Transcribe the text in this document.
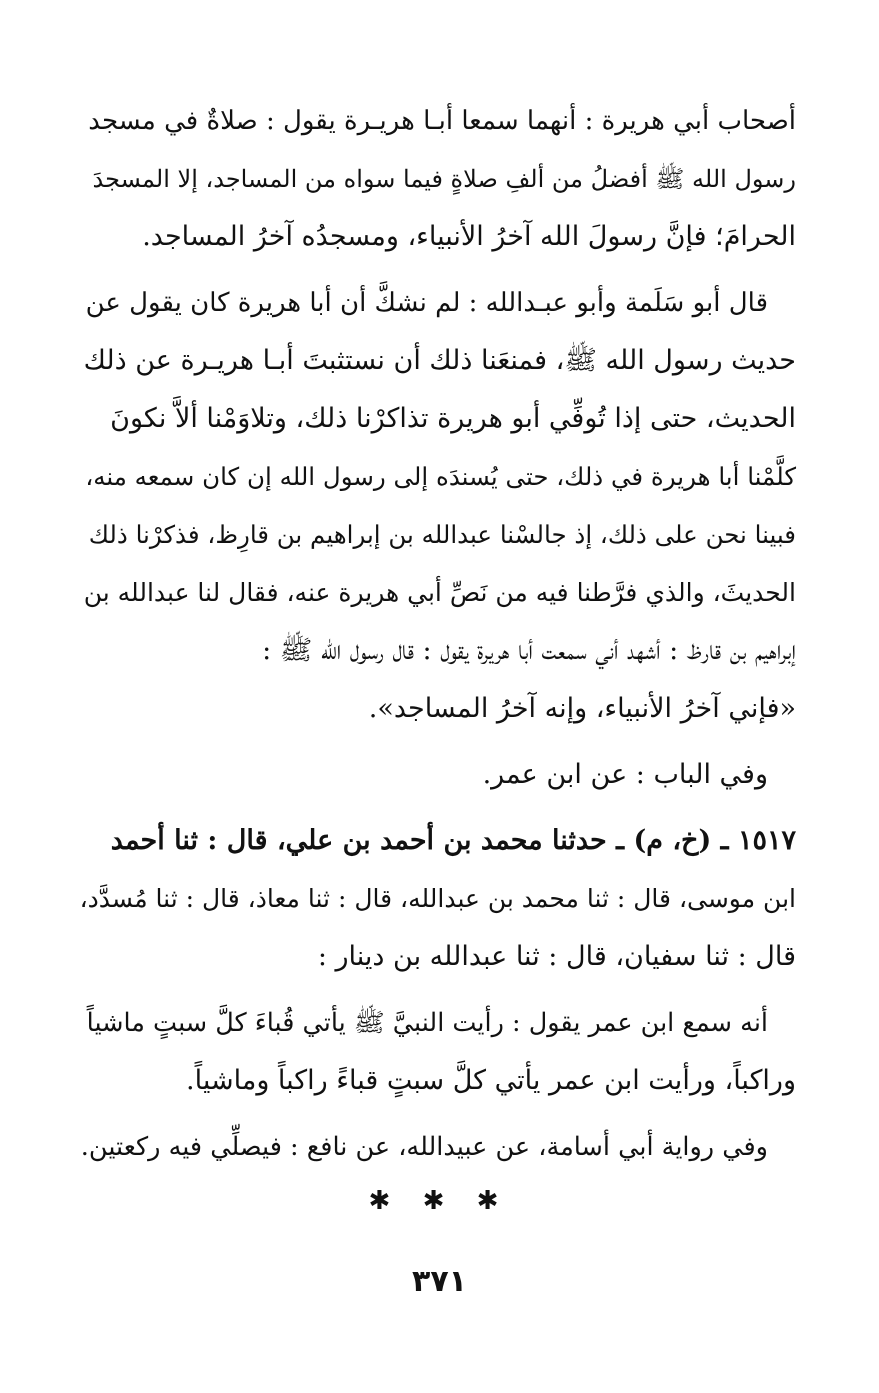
أصحاب أبي هريرة : أنهما سمعا أبـا هريـرة يقول : صلاةٌ في مسجد
رسول الله ﷺ أفضلُ من ألفِ صلاةٍ فيما سواه من المساجد، إلا المسجدَ
الحرامَ؛ فإنَّ رسولَ الله آخرُ الأنبياء، ومسجدُه آخرُ المساجد.
قال أبو سَلَمة وأبو عبـدالله : لم نشكَّ أن أبا هريرة كان يقول عن
حديث رسول الله ﷺ، فمنعَنا ذلك أن نستثبتَ أبـا هريـرة عن ذلك
الحديث، حتى إذا تُوفِّي أبو هريرة تذاكرْنا ذلك، وتلاوَمْنا ألاَّ نكونَ
كلَّمْنا أبا هريرة في ذلك، حتى يُسندَه إلى رسول الله إن كان سمعه منه،
فبينا نحن على ذلك، إذ جالسْنا عبدالله بن إبراهيم بن قارِظ، فذكرْنا ذلك
الحديثَ، والذي فرَّطنا فيه من نَصِّ أبي هريرة عنه، فقال لنا عبدالله بن
إبراهيم بن قارظ : أشهد أني سمعت أبا هريرة يقول : قال رسول الله ﷺ :
«فإني آخرُ الأنبياء، وإنه آخرُ المساجد».
وفي الباب : عن ابن عمر.
١٥١٧ ـ (خ، م) ـ حدثنا محمد بن أحمد بن علي، قال : ثنا أحمد
ابن موسى، قال : ثنا محمد بن عبدالله، قال : ثنا معاذ، قال : ثنا مُسدَّد،
قال : ثنا سفيان، قال : ثنا عبدالله بن دينار :
أنه سمع ابن عمر يقول : رأيت النبيَّ ﷺ يأتي قُباءَ كلَّ سبتٍ ماشياً
وراكباً، ورأيت ابن عمر يأتي كلَّ سبتٍ قباءً راكباً وماشياً.
وفي رواية أبي أسامة، عن عبيدالله، عن نافع : فيصلِّي فيه ركعتين.
✱ ✱ ✱
٣٧١
